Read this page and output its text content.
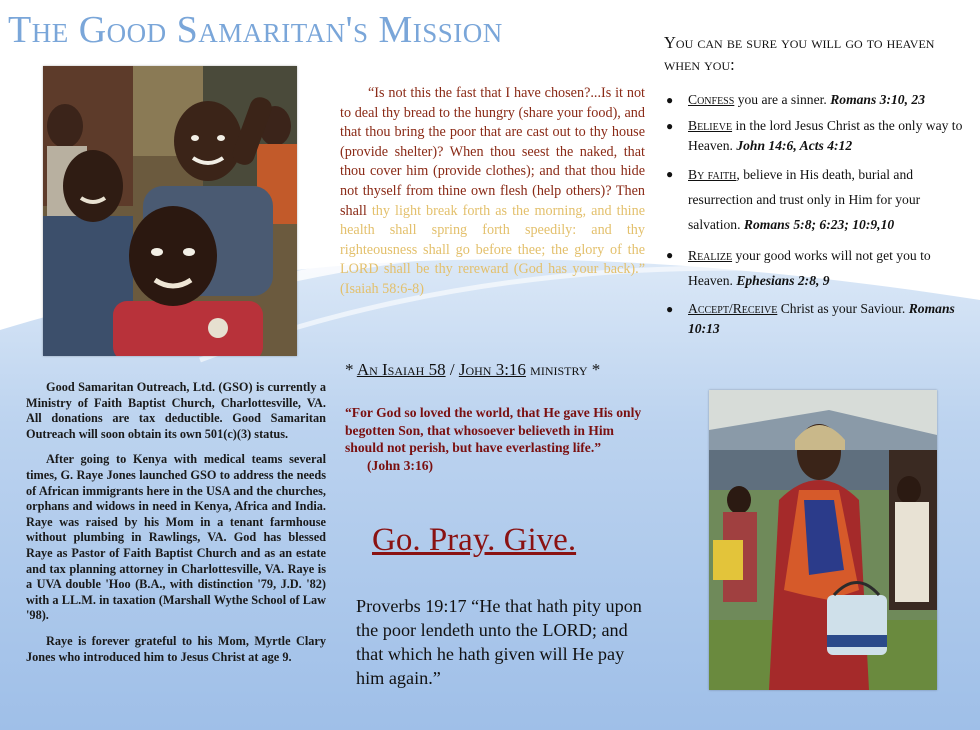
The Good Samaritan's Mission

Good Samaritan Outreach, Ltd. (GSO) is currently a Ministry of Faith Baptist Church, Charlottesville, VA. All donations are tax deductible. Good Samaritan Outreach will soon obtain its own 501(c)(3) status.

After going to Kenya with medical teams several times, G. Raye Jones launched GSO to address the needs of African immigrants here in the USA and the churches, orphans and widows in need in Kenya, Africa and India. Raye was raised by his Mom in a tenant farmhouse without plumbing in Rawlings, VA. God has blessed Raye as Pastor of Faith Baptist Church and as an estate and tax planning attorney in Charlottesville, VA. Raye is a UVA double 'Hoo (B.A., with distinction '79, J.D. '82) with a LL.M. in taxation (Marshall Wythe School of Law '98).

Raye is forever grateful to his Mom, Myrtle Clary Jones who introduced him to Jesus Christ at age 9.

“Is not this the fast that I have chosen?...Is it not to deal thy bread to the hungry (share your food), and that thou bring the poor that are cast out to thy house (provide shelter)? When thou seest the naked, that thou cover him (provide clothes); and that thou hide not thyself from thine own flesh (help others)? Then shall thy light break forth as the morning, and thine health shall spring forth speedily: and thy righteousness shall go before thee; the glory of the LORD shall be thy rereward (God has your back).” (Isaiah 58:6-8)
* An Isaiah 58 / John 3:16 ministry *
“For God so loved the world, that He gave His only begotten Son, that whosoever believeth in Him should not perish, but have everlasting life.”
(John 3:16)
Go. Pray. Give.
Proverbs 19:17 “He that hath pity upon the poor lendeth unto the LORD; and that which he hath given will He pay him again.”
You can be sure you will go to heaven when you:
● Confess you are a sinner. Romans 3:10, 23
● Believe in the lord Jesus Christ as the only way to Heaven. John 14:6, Acts 4:12
● By faith, believe in His death, burial and resurrection and trust only in Him for your salvation. Romans 5:8; 6:23; 10:9,10
● Realize your good works will not get you to Heaven. Ephesians 2:8, 9
● Accept/Receive Christ as your Saviour. Romans 10:13
